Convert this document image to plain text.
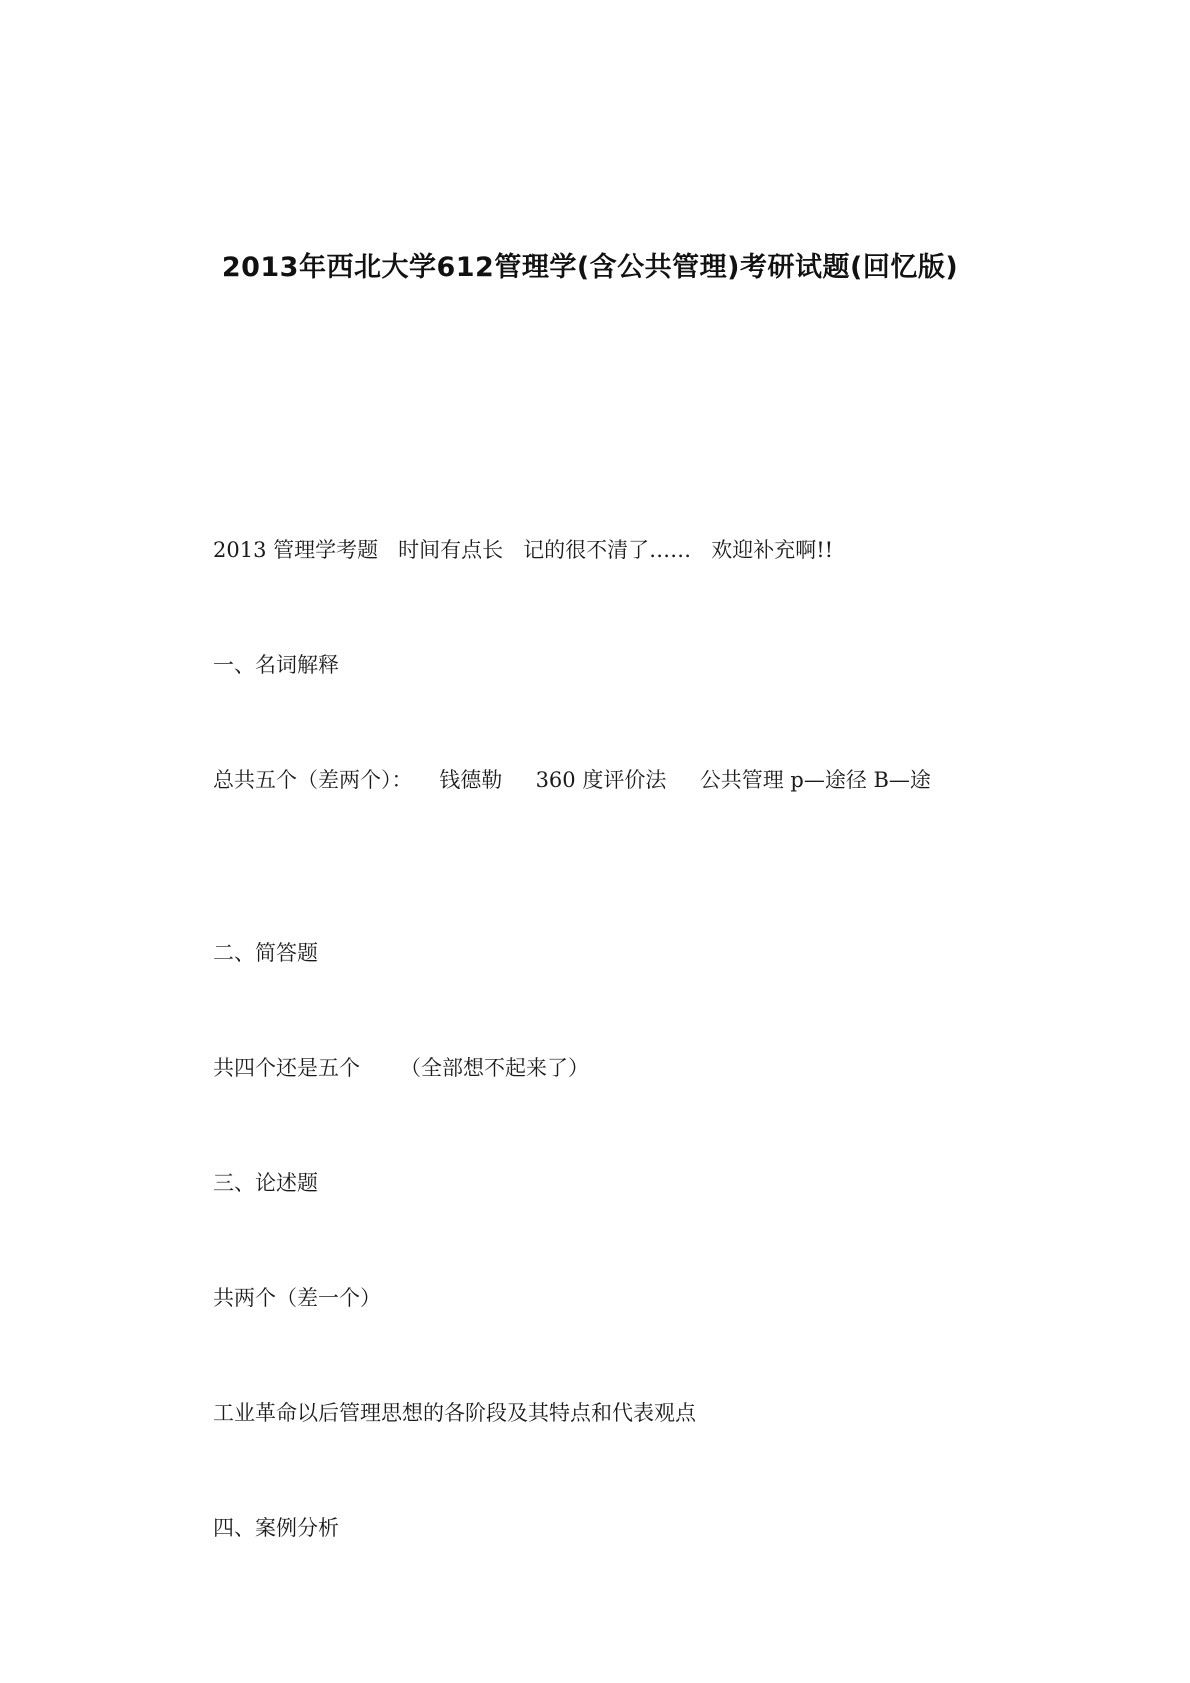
2013年西北大学612管理学(含公共管理)考研试题(回忆版)
2013 管理学考题   时间有点长   记的很不清了……   欢迎补充啊!!
一、名词解释
总共五个（差两个）：    钱德勒     360 度评价法     公共管理 p—途径 B—途
二、简答题
共四个还是五个      （全部想不起来了）
三、论述题
共两个（差一个）
工业革命以后管理思想的各阶段及其特点和代表观点
四、案例分析
